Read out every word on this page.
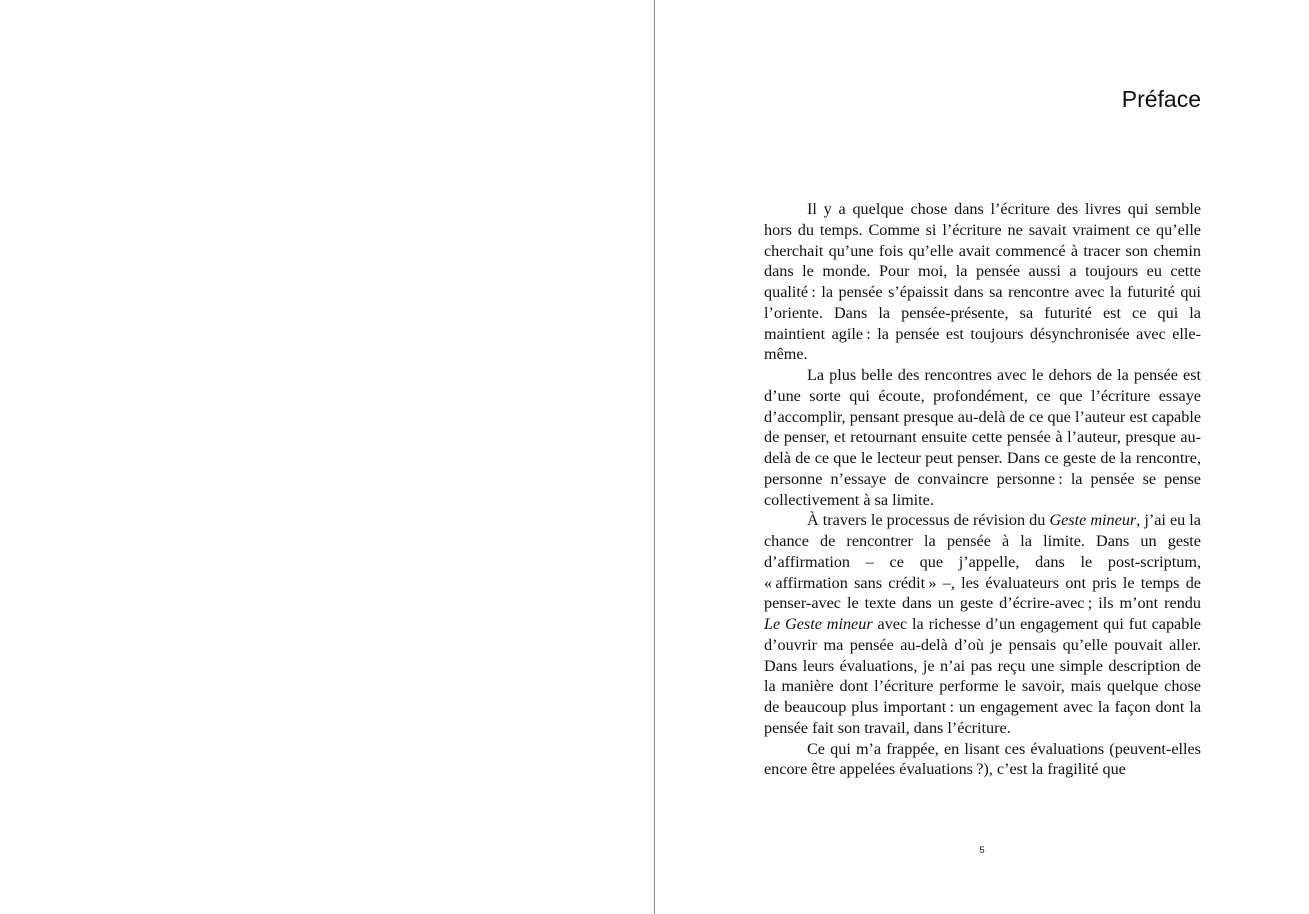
Préface

Il y a quelque chose dans l’écriture des livres qui semble hors du temps. Comme si l’écriture ne savait vraiment ce qu’elle cherchait qu’une fois qu’elle avait commencé à tracer son chemin dans le monde. Pour moi, la pensée aussi a toujours eu cette qualité : la pensée s’épaissit dans sa rencontre avec la futurité qui l’oriente. Dans la pensée-présente, sa futurité est ce qui la maintient agile : la pensée est toujours désynchronisée avec elle-même.

La plus belle des rencontres avec le dehors de la pensée est d’une sorte qui écoute, profondément, ce que l’écriture essaye d’accomplir, pensant presque au-delà de ce que l’auteur est capable de penser, et retournant ensuite cette pensée à l’auteur, presque au-delà de ce que le lecteur peut penser. Dans ce geste de la rencontre, personne n’essaye de convaincre personne : la pensée se pense collectivement à sa limite.

À travers le processus de révision du Geste mineur, j’ai eu la chance de rencontrer la pensée à la limite. Dans un geste d’affirmation – ce que j’appelle, dans le post-scriptum, « affirmation sans crédit » –, les évaluateurs ont pris le temps de penser-avec le texte dans un geste d’écrire-avec ; ils m’ont rendu Le Geste mineur avec la richesse d’un engagement qui fut capable d’ouvrir ma pensée au-delà d’où je pensais qu’elle pouvait aller. Dans leurs évaluations, je n’ai pas reçu une simple description de la manière dont l’écriture performe le savoir, mais quelque chose de beaucoup plus important : un engagement avec la façon dont la pensée fait son travail, dans l’écriture.

Ce qui m’a frappée, en lisant ces évaluations (peuvent-elles encore être appelées évaluations ?), c’est la fragilité que

5
